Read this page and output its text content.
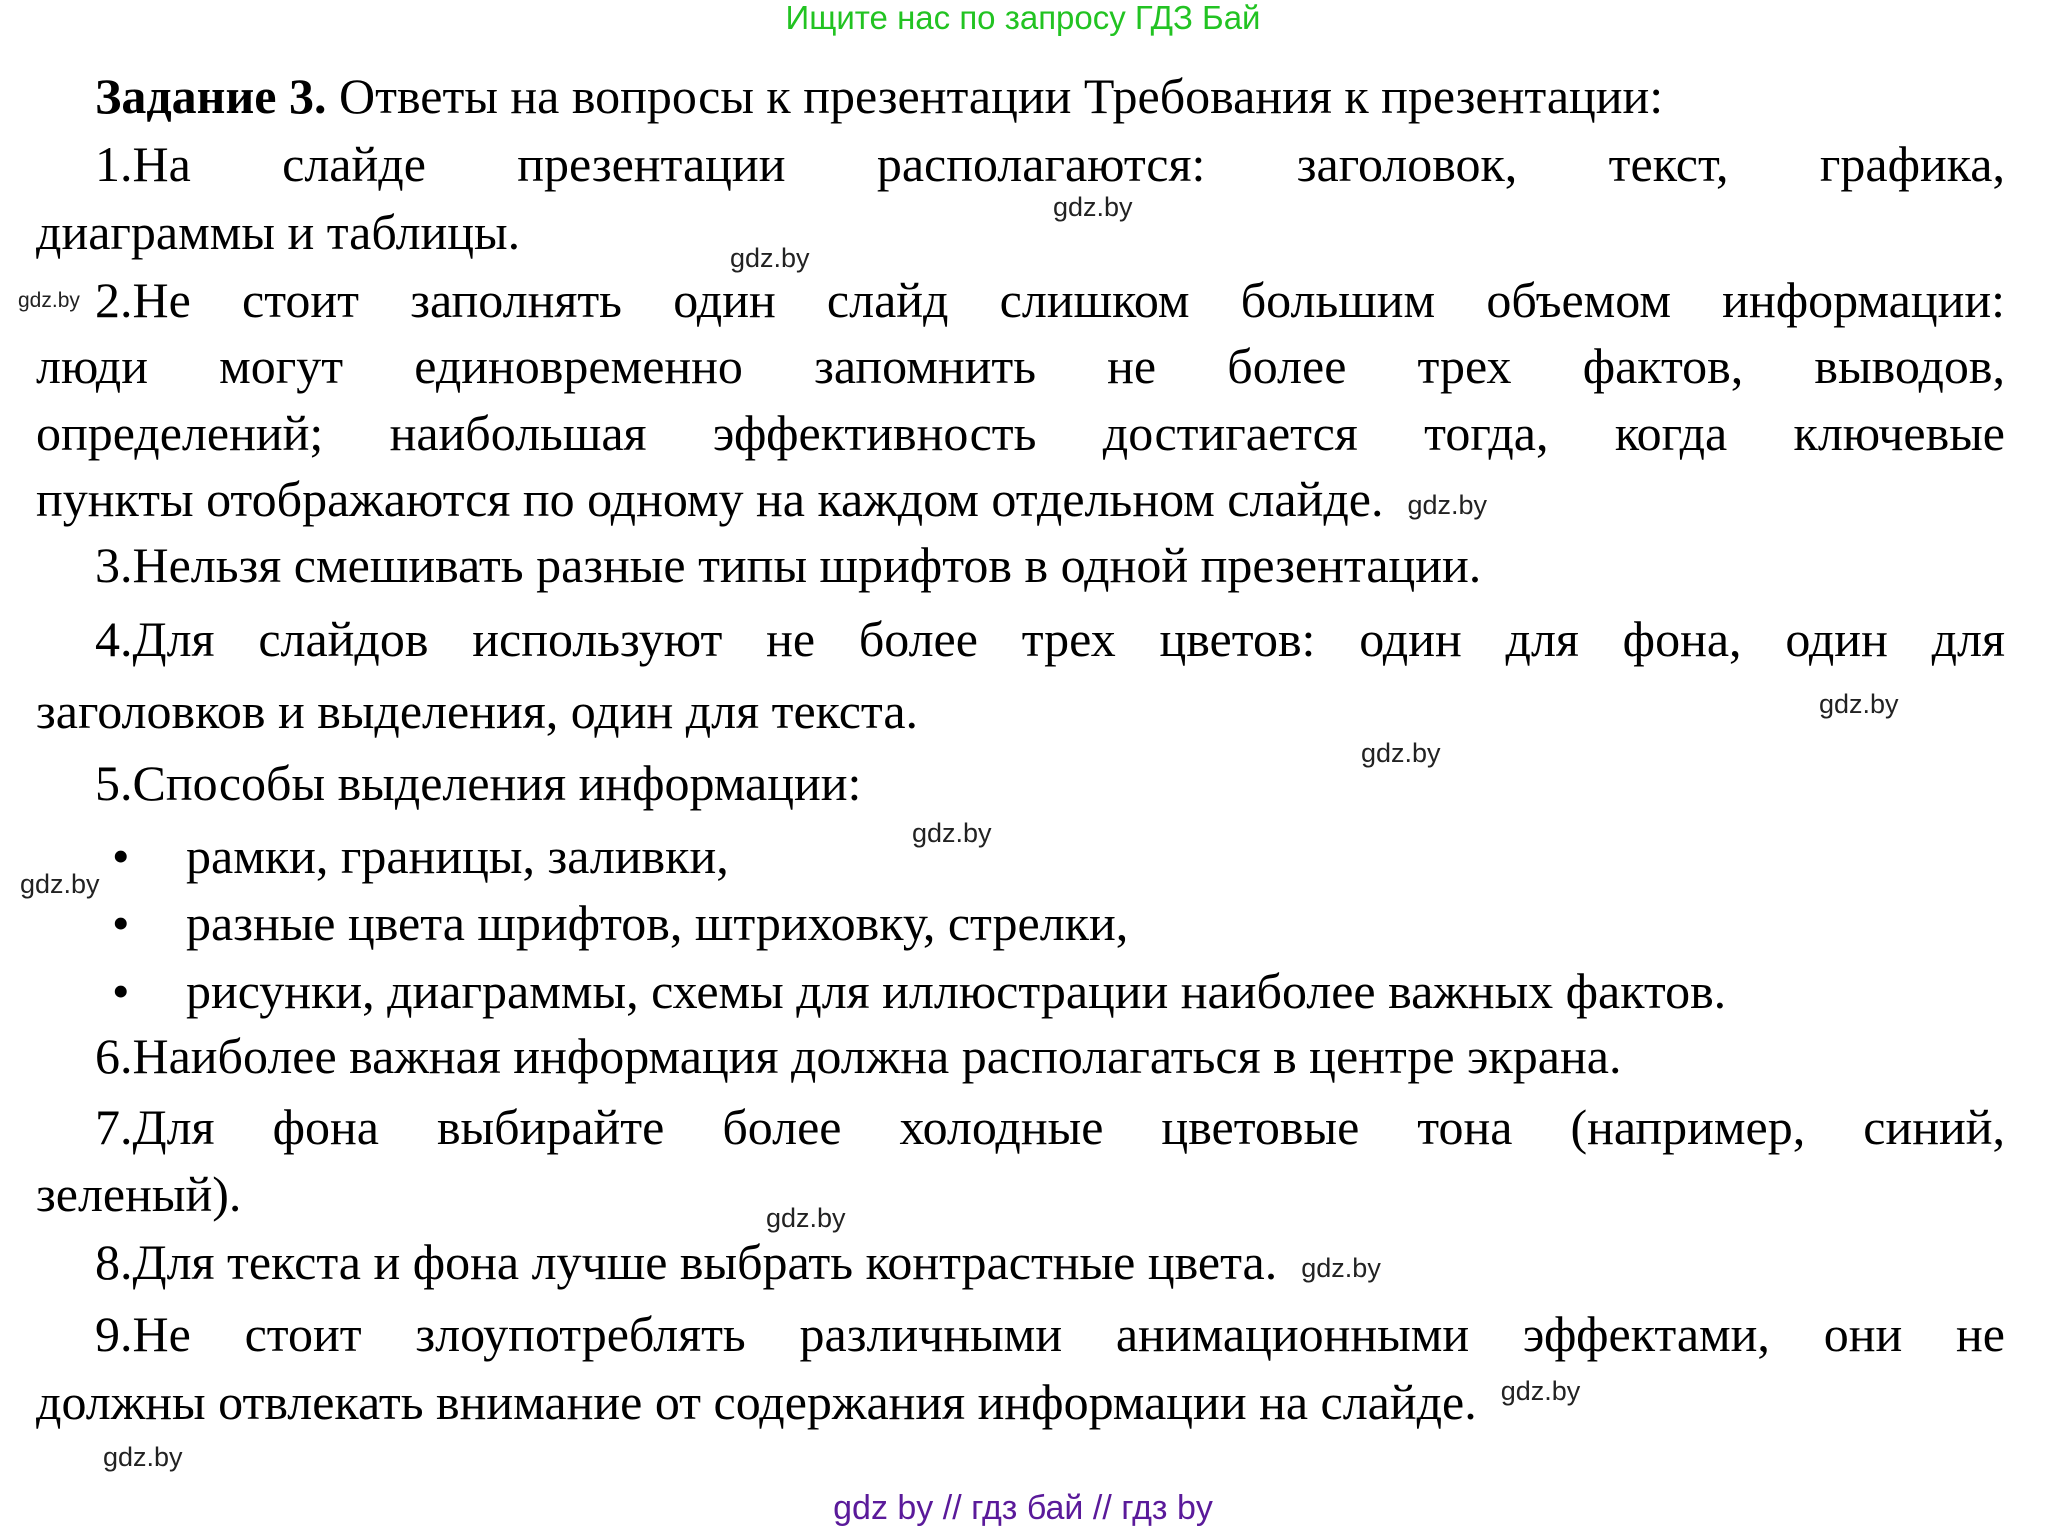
Ищите нас по запросу ГДЗ Бай
Задание 3. Ответы на вопросы к презентации Требования к презентации:
1.На слайде презентации располагаются: заголовок, текст, графика,
диаграммы и таблицы.
2.Не стоит заполнять один слайд слишком большим объемом информации:
люди могут единовременно запомнить не более трех фактов, выводов,
определений; наибольшая эффективность достигается тогда, когда ключевые
пункты отображаются по одному на каждом отдельном слайде. gdz.by
3.Нельзя смешивать разные типы шрифтов в одной презентации.
4.Для слайдов используют не более трех цветов: один для фона, один для
заголовков и выделения, один для текста.
5.Способы выделения информации:
• рамки, границы, заливки,
• разные цвета шрифтов, штриховку, стрелки,
• рисунки, диаграммы, схемы для иллюстрации наиболее важных фактов.
6.Наиболее важная информация должна располагаться в центре экрана.
7.Для фона выбирайте более холодные цветовые тона (например, синий,
зеленый).
8.Для текста и фона лучше выбрать контрастные цвета. gdz.by
9.Не стоит злоупотреблять различными анимационными эффектами, они не
должны отвлекать внимание от содержания информации на слайде. $^{gdz.by}$
gdz.by
gdz.by
gdz.by
gdz.by
gdz.by
gdz.by
gdz.by
gdz.by
gdz.by
gdz by // гдз бай // гдз by
